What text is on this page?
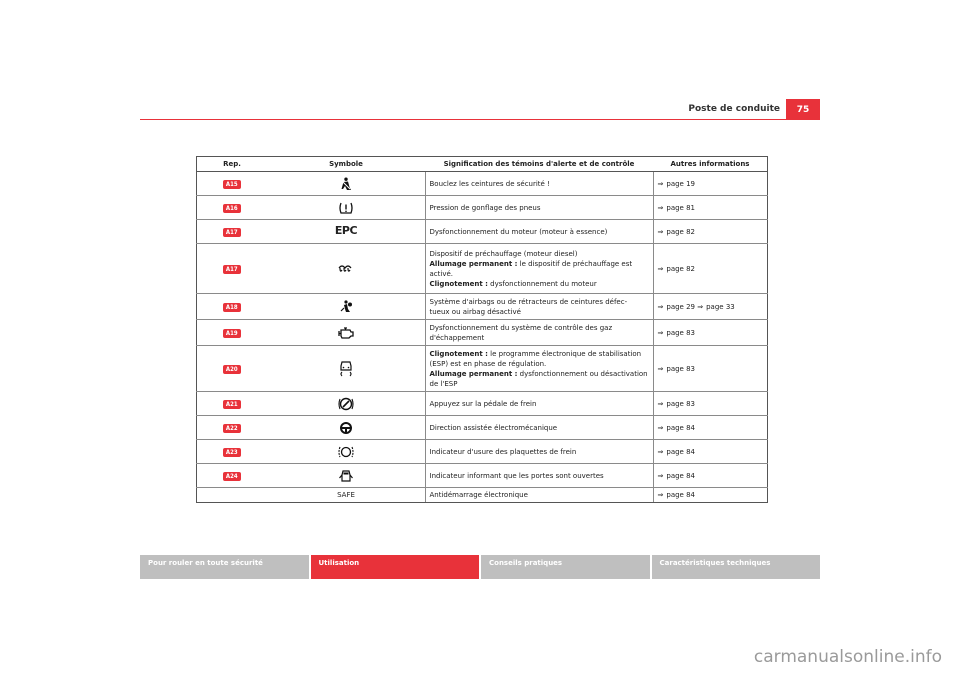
Poste de conduite	75
Rep.	Symbole	Signification des témoins d'alerte et de contrôle	Autres informations
A15		Bouclez les ceintures de sécurité !	⇒ page 19
A16		Pression de gonflage des pneus	⇒ page 81
A17	EPC	Dysfonctionnement du moteur (moteur à essence)	⇒ page 82
A17		Dispositif de préchauffage (moteur diesel)
Allumage permanent : le dispositif de préchauffage est activé.
Clignotement : dysfonctionnement du moteur	⇒ page 82
A18		Système d'airbags ou de rétracteurs de ceintures défec-
tueux ou airbag désactivé	⇒ page 29 ⇒ page 33
A19		Dysfonctionnement du système de contrôle des gaz
d'échappement	⇒ page 83
A20		Clignotement : le programme électronique de stabilisation (ESP) est en phase de régulation.
Allumage permanent : dysfonctionnement ou désactivation de l'ESP	⇒ page 83
A21		Appuyez sur la pédale de frein	⇒ page 83
A22		Direction assistée électromécanique	⇒ page 84
A23		Indicateur d'usure des plaquettes de frein	⇒ page 84
A24		Indicateur informant que les portes sont ouvertes	⇒ page 84
	SAFE	Antidémarrage électronique	⇒ page 84
Pour rouler en toute sécurité	Utilisation	Conseils pratiques	Caractéristiques techniques
carmanualsonline.info
